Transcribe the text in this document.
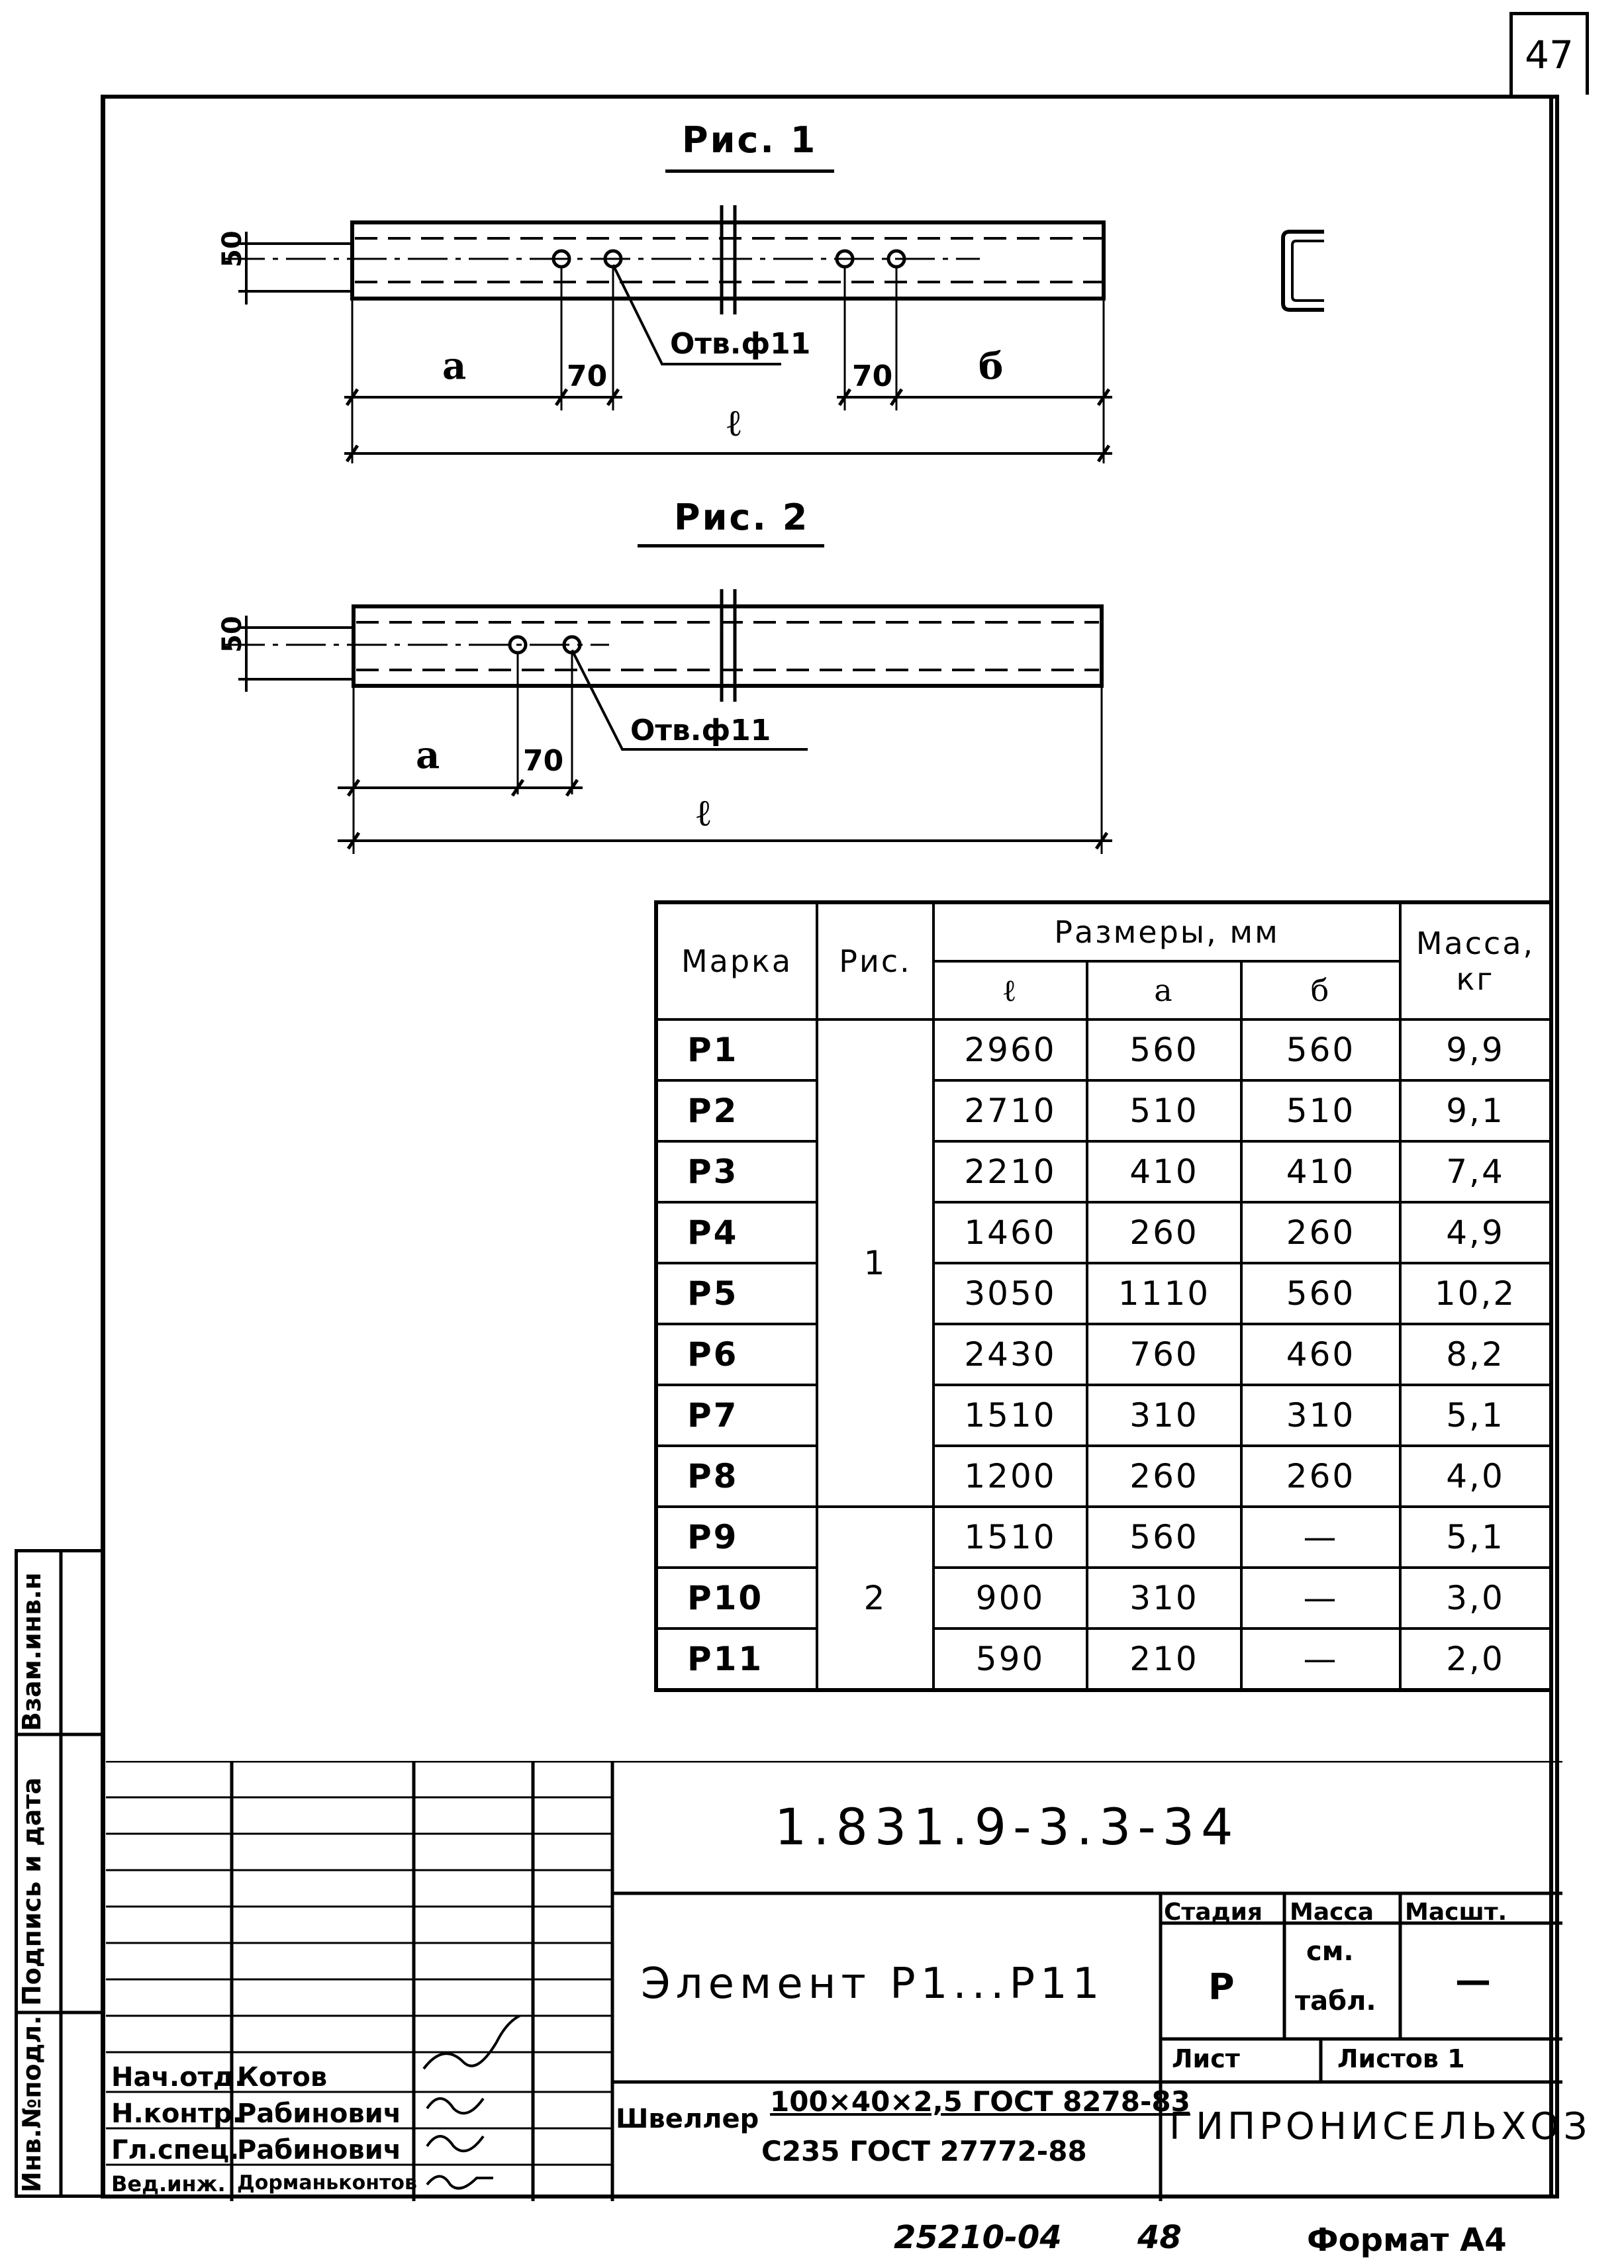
47
Рис. 1
50
a	70
Отв.ф11
70 б
ℓ
Рис. 2
50
a	70
Отв.ф11
ℓ
Марка	Рис.	Размеры, мм			Масса,
кг

		ℓ	a	б	
P1	1	2960	560	560	9,9
P2		2710	510	510	9,1
P3		2210	410	410	7,4
P4		1460	260	260	4,9
P5		3050	1110	560	10,2
P6		2430	760	460	8,2
P7		1510	310	310	5,1
P8		1200	260	260	4,0
P9	2	1510	560	—	5,1
P10		900	310	—	3,0
P11		590	210	—	2,0
Взам.инв.н
Подпись и дата
Инв.№подл. Нач.отд.
Котов
Н.контр.
Рабинович
Гл.спец.
Рабинович
Вед.инж. Дорманьконтов
1.831.9-3.3-34
Элемент Р1...Р11
Стадия Масса Масшт.
Р
см.
табл. —
Лист	Листов 1
Швеллер
100×40×2,5 ГОСТ 8278-83
С235 ГОСТ 27772-88
ГИПРОНИСЕЛЬХОЗ
25210-04 48	Формат А4
